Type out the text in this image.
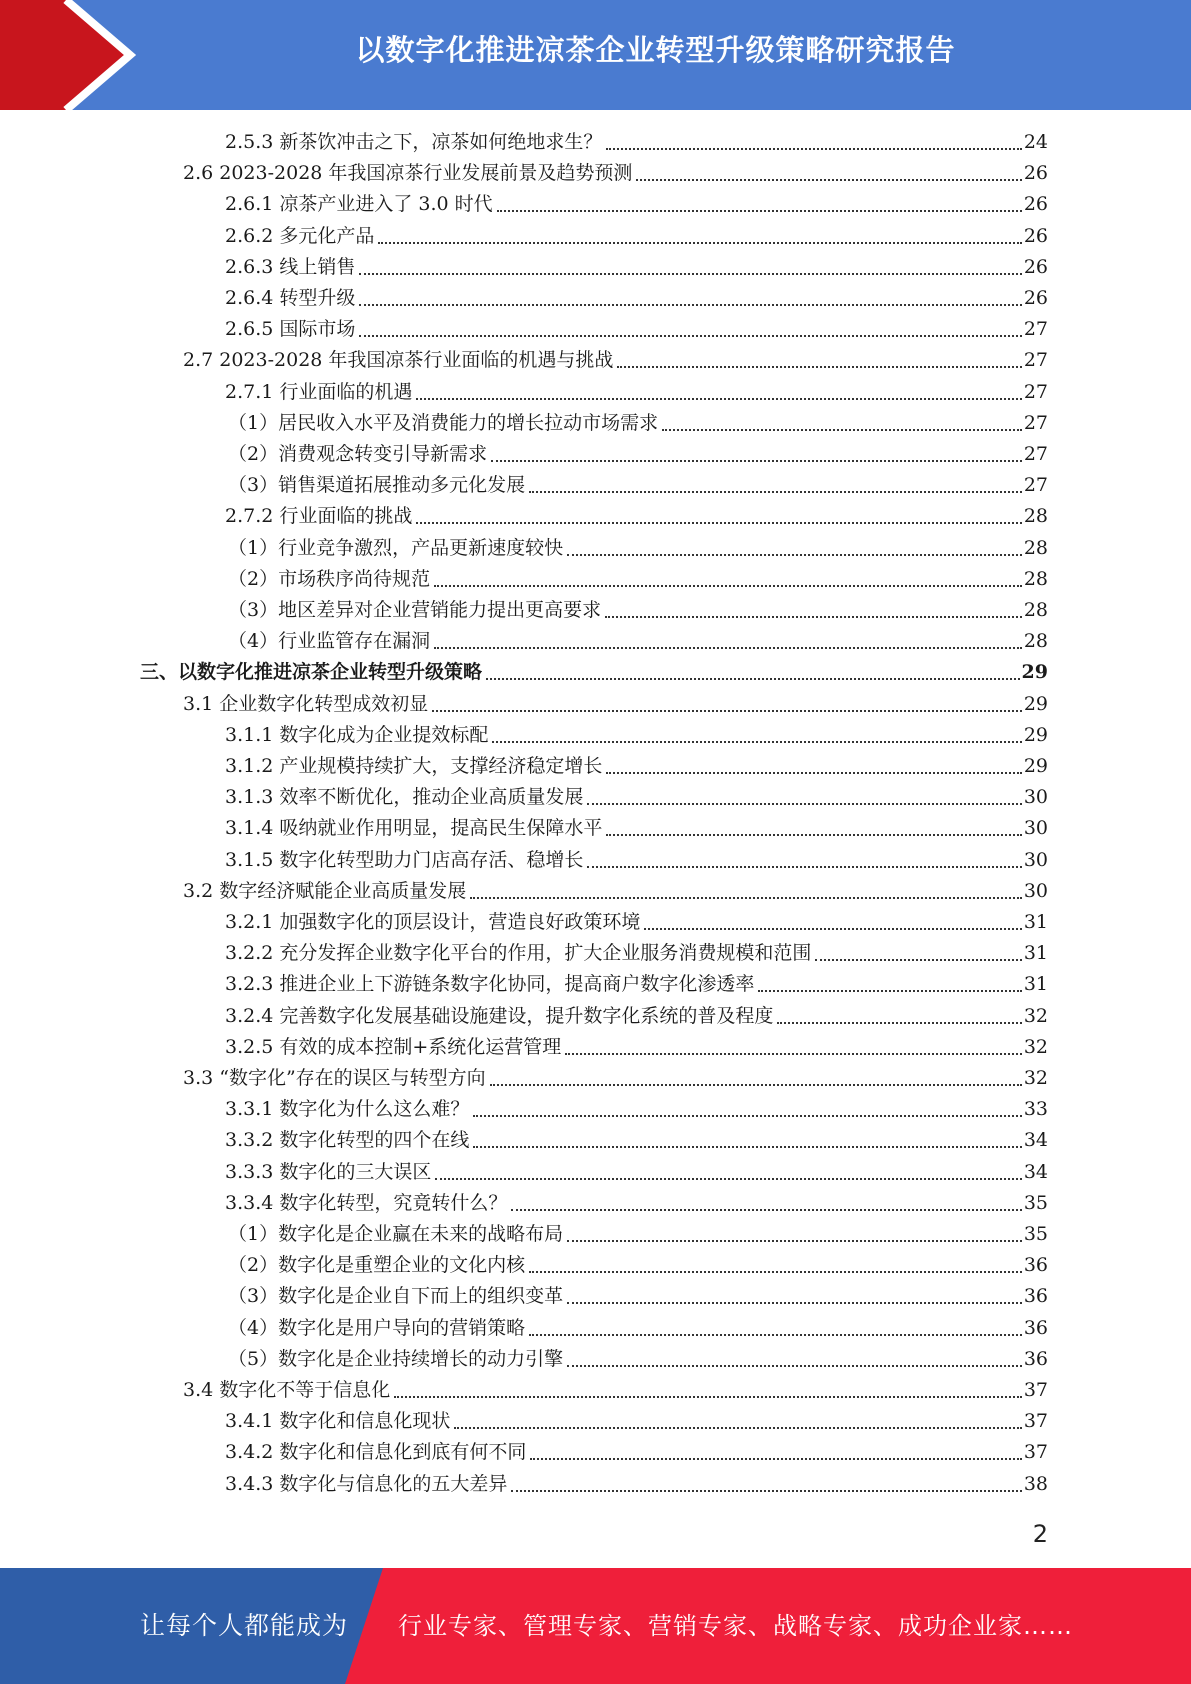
以数字化推进凉茶企业转型升级策略研究报告
2.5.3 新茶饮冲击之下，凉茶如何绝地求生？	24
2.6 2023-2028 年我国凉茶行业发展前景及趋势预测	26
2.6.1 凉茶产业进入了 3.0 时代	26
2.6.2 多元化产品	26
2.6.3 线上销售	26
2.6.4 转型升级	26
2.6.5 国际市场	27
2.7 2023-2028 年我国凉茶行业面临的机遇与挑战	27
2.7.1 行业面临的机遇	27
（1）居民收入水平及消费能力的增长拉动市场需求	27
（2）消费观念转变引导新需求	27
（3）销售渠道拓展推动多元化发展	27
2.7.2 行业面临的挑战	28
（1）行业竞争激烈，产品更新速度较快	28
（2）市场秩序尚待规范	28
（3）地区差异对企业营销能力提出更高要求	28
（4）行业监管存在漏洞	28
三、以数字化推进凉茶企业转型升级策略	29
3.1 企业数字化转型成效初显	29
3.1.1 数字化成为企业提效标配	29
3.1.2 产业规模持续扩大，支撑经济稳定增长	29
3.1.3 效率不断优化，推动企业高质量发展	30
3.1.4 吸纳就业作用明显，提高民生保障水平	30
3.1.5 数字化转型助力门店高存活、稳增长	30
3.2 数字经济赋能企业高质量发展	30
3.2.1 加强数字化的顶层设计，营造良好政策环境	31
3.2.2 充分发挥企业数字化平台的作用，扩大企业服务消费规模和范围	31
3.2.3 推进企业上下游链条数字化协同，提高商户数字化渗透率	31
3.2.4 完善数字化发展基础设施建设，提升数字化系统的普及程度	32
3.2.5 有效的成本控制+系统化运营管理	32
3.3 “数字化”存在的误区与转型方向	32
3.3.1 数字化为什么这么难？	33
3.3.2 数字化转型的四个在线	34
3.3.3 数字化的三大误区	34
3.3.4 数字化转型，究竟转什么？	35
（1）数字化是企业赢在未来的战略布局	35
（2）数字化是重塑企业的文化内核	36
（3）数字化是企业自下而上的组织变革	36
（4）数字化是用户导向的营销策略	36
（5）数字化是企业持续增长的动力引擎	36
3.4 数字化不等于信息化	37
3.4.1 数字化和信息化现状	37
3.4.2 数字化和信息化到底有何不同	37
3.4.3 数字化与信息化的五大差异	38
2
让每个人都能成为 行业专家、管理专家、营销专家、战略专家、成功企业家……
